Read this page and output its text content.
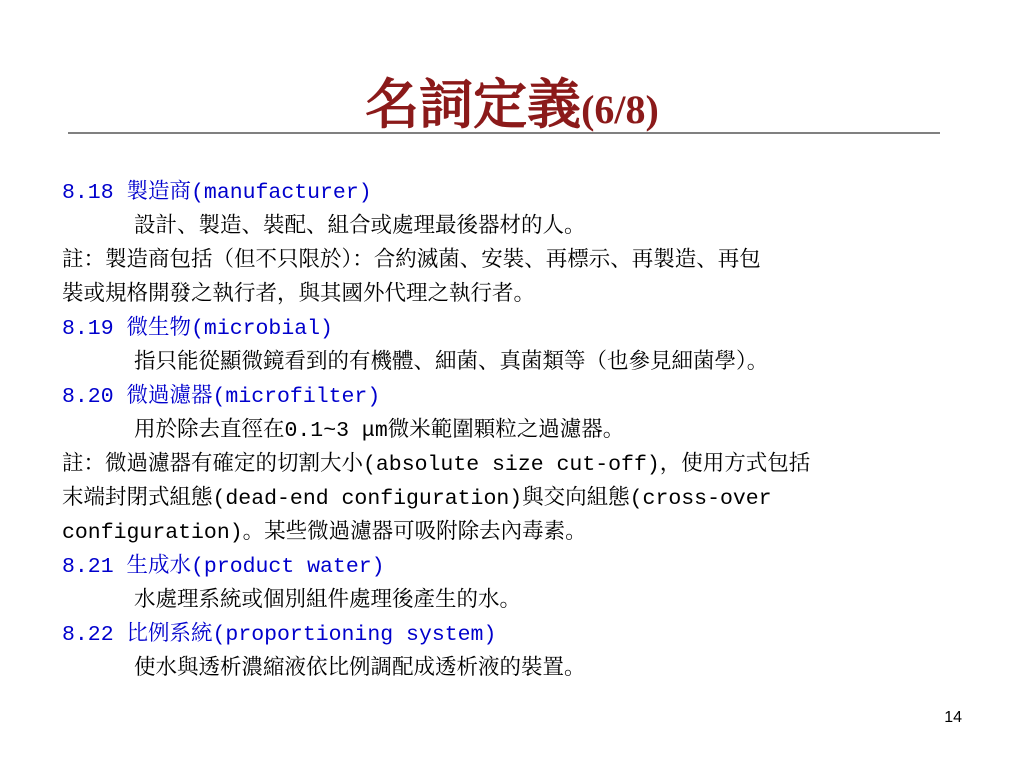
名詞定義(6/8)
8.18 製造商(manufacturer)
設計、製造、裝配、組合或處理最後器材的人。
註：製造商包括（但不只限於）：合約滅菌、安裝、再標示、再製造、再包
裝或規格開發之執行者，與其國外代理之執行者。
8.19 微生物(microbial)
指只能從顯微鏡看到的有機體、細菌、真菌類等（也參見細菌學）。
8.20 微過濾器(microfilter)
用於除去直徑在0.1~3 μm微米範圍顆粒之過濾器。
註：微過濾器有確定的切割大小(absolute size cut-off)，使用方式包括
末端封閉式組態(dead-end configuration)與交向組態(cross-over
configuration)。某些微過濾器可吸附除去內毒素。
8.21 生成水(product water)
水處理系統或個別組件處理後產生的水。
8.22 比例系統(proportioning system)
使水與透析濃縮液依比例調配成透析液的裝置。
14
